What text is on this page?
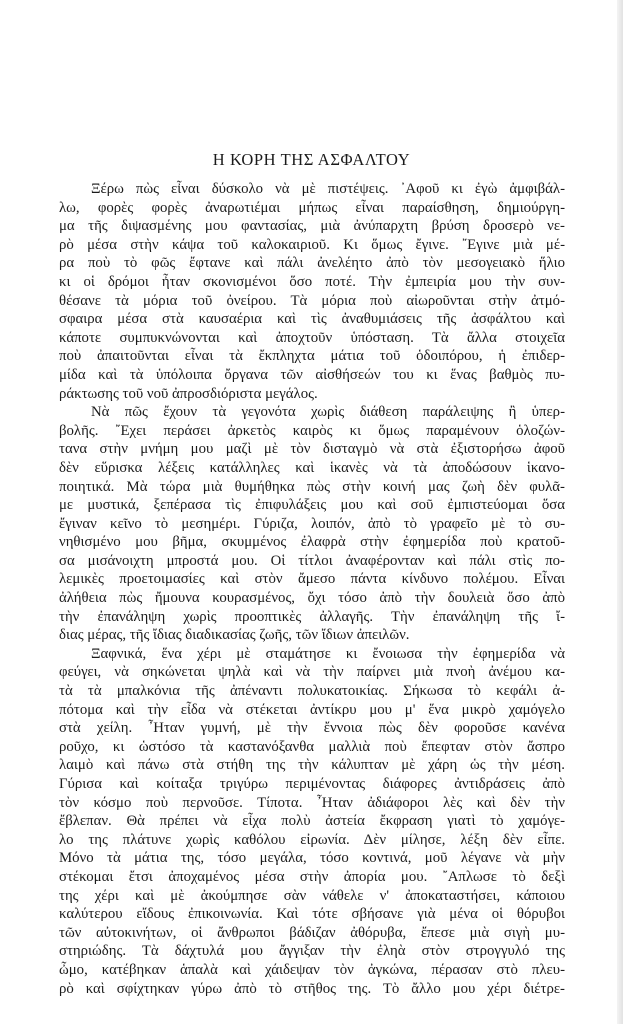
Η ΚΟΡΗ ΤΗΣ ΑΣΦΑΛΤΟΥ
Ξέρω πὼς εἶναι δύσκολο νὰ μὲ πιστέψεις. ᾿Αφοῦ κι ἐγὼ ἀμφιβάλ-
λω, φορὲς φορὲς ἀναρωτιέμαι μήπως εἶναι παραίσθηση, δημιούργη-
μα τῆς διψασμένης μου φαντασίας, μιὰ ἀνύπαρχτη βρύση δροσερὸ νε-
ρὸ μέσα στὴν κάψα τοῦ καλοκαιριοῦ. Κι ὅμως ἔγινε. ῎Εγινε μιὰ μέ-
ρα ποὺ τὸ φῶς ἔφτανε καὶ πάλι ἀνελέητο ἀπὸ τὸν μεσογειακὸ ἥλιο
κι οἱ δρόμοι ἦταν σκονισμένοι ὅσο ποτέ. Τὴν ἐμπειρία μου τὴν συν-
θέσανε τὰ μόρια τοῦ ὀνείρου. Τὰ μόρια ποὺ αἰωροῦνται στὴν ἀτμό-
σφαιρα μέσα στὰ καυσαέρια καὶ τὶς ἀναθυμιάσεις τῆς ἀσφάλτου καὶ
κάποτε συμπυκνώνονται καὶ ἀποχτοῦν ὑπόσταση. Τὰ ἄλλα στοιχεῖα
ποὺ ἀπαιτοῦνται εἶναι τὰ ἔκπληχτα μάτια τοῦ ὁδοιπόρου, ἡ ἐπιδερ-
μίδα καὶ τὰ ὑπόλοιπα ὄργανα τῶν αἰσθήσεών του κι ἕνας βαθμὸς πυ-
ράκτωσης τοῦ νοῦ ἀπροσδιόριστα μεγάλος.
Νὰ πῶς ἔχουν τὰ γεγονότα χωρὶς διάθεση παράλειψης ἢ ὑπερ-
βολῆς. ῎Εχει περάσει ἀρκετὸς καιρὸς κι ὅμως παραμένουν ὁλοζών-
τανα στὴν μνήμη μου μαζὶ μὲ τὸν δισταγμὸ νὰ στὰ ἐξιστορήσω ἀφοῦ
δὲν εὕρισκα λέξεις κατάλληλες καὶ ἱκανὲς νὰ τὰ ἀποδώσουν ἱκανο-
ποιητικά. Μὰ τώρα μιὰ θυμήθηκα πὼς στὴν κοινή μας ζωὴ δὲν φυλᾶ-
με μυστικά, ξεπέρασα τὶς ἐπιφυλάξεις μου καὶ σοῦ ἐμπιστεύομαι ὅσα
ἔγιναν κεῖνο τὸ μεσημέρι. Γύριζα, λοιπόν, ἀπὸ τὸ γραφεῖο μὲ τὸ συ-
νηθισμένο μου βῆμα, σκυμμένος ἐλαφρὰ στὴν ἐφημερίδα ποὺ κρατοῦ-
σα μισάνοιχτη μπροστά μου. Οἱ τίτλοι ἀναφέρονταν καὶ πάλι στὶς πο-
λεμικὲς προετοιμασίες καὶ στὸν ἄμεσο πάντα κίνδυνο πολέμου. Εἶναι
ἀλήθεια πὼς ἤμουνα κουρασμένος, ὄχι τόσο ἀπὸ τὴν δουλειὰ ὅσο ἀπὸ
τὴν ἐπανάληψη χωρὶς προοπτικὲς ἀλλαγῆς. Τὴν ἐπανάληψη τῆς ἴ-
διας μέρας, τῆς ἴδιας διαδικασίας ζωῆς, τῶν ἴδιων ἀπειλῶν.
Ξαφνικά, ἕνα χέρι μὲ σταμάτησε κι ἔνοιωσα τὴν ἐφημερίδα νὰ
φεύγει, νὰ σηκώνεται ψηλὰ καὶ νὰ τὴν παίρνει μιὰ πνοὴ ἀνέμου κα-
τὰ τὰ μπαλκόνια τῆς ἀπέναντι πολυκατοικίας. Σήκωσα τὸ κεφάλι ἀ-
πότομα καὶ τὴν εἶδα νὰ στέκεται ἀντίκρυ μου μ' ἕνα μικρὸ χαμόγελο
στὰ χείλη. ῏Ηταν γυμνή, μὲ τὴν ἔννοια πὼς δὲν φοροῦσε κανένα
ροῦχο, κι ὡστόσο τὰ καστανόξανθα μαλλιὰ ποὺ ἔπεφταν στὸν ἄσπρο
λαιμὸ καὶ πάνω στὰ στήθη της τὴν κάλυπταν μὲ χάρη ὡς τὴν μέση.
Γύρισα καὶ κοίταξα τριγύρω περιμένοντας διάφορες ἀντιδράσεις ἀπὸ
τὸν κόσμο ποὺ περνοῦσε. Τίποτα. ῏Ηταν ἀδιάφοροι λὲς καὶ δὲν τὴν
ἔβλεπαν. Θὰ πρέπει νὰ εἶχα πολὺ ἀστεία ἔκφραση γιατὶ τὸ χαμόγε-
λο της πλάτυνε χωρὶς καθόλου εἰρωνία. Δὲν μίλησε, λέξη δὲν εἶπε.
Μόνο τὰ μάτια της, τόσο μεγάλα, τόσο κοντινά, μοῦ λέγανε νὰ μὴν
στέκομαι ἔτσι ἀποχαμένος μέσα στὴν ἀπορία μου. ῎Απλωσε τὸ δεξὶ
της χέρι καὶ μὲ ἀκούμπησε σὰν νάθελε ν' ἀποκαταστήσει, κάποιου
καλύτερου εἴδους ἐπικοινωνία. Καὶ τότε σβήσανε γιὰ μένα οἱ θόρυβοι
τῶν αὐτοκινήτων, οἱ ἄνθρωποι βάδιζαν ἀθόρυβα, ἔπεσε μιὰ σιγὴ μυ-
στηριώδης. Τὰ δάχτυλά μου ἄγγιξαν τὴν ἐληὰ στὸν στρογγυλό της
ὦμο, κατέβηκαν ἁπαλὰ καὶ χάιδεψαν τὸν ἀγκώνα, πέρασαν στὸ πλευ-
ρὸ καὶ σφίχτηκαν γύρω ἀπὸ τὸ στῆθος της. Τὸ ἄλλο μου χέρι διέτρε-
